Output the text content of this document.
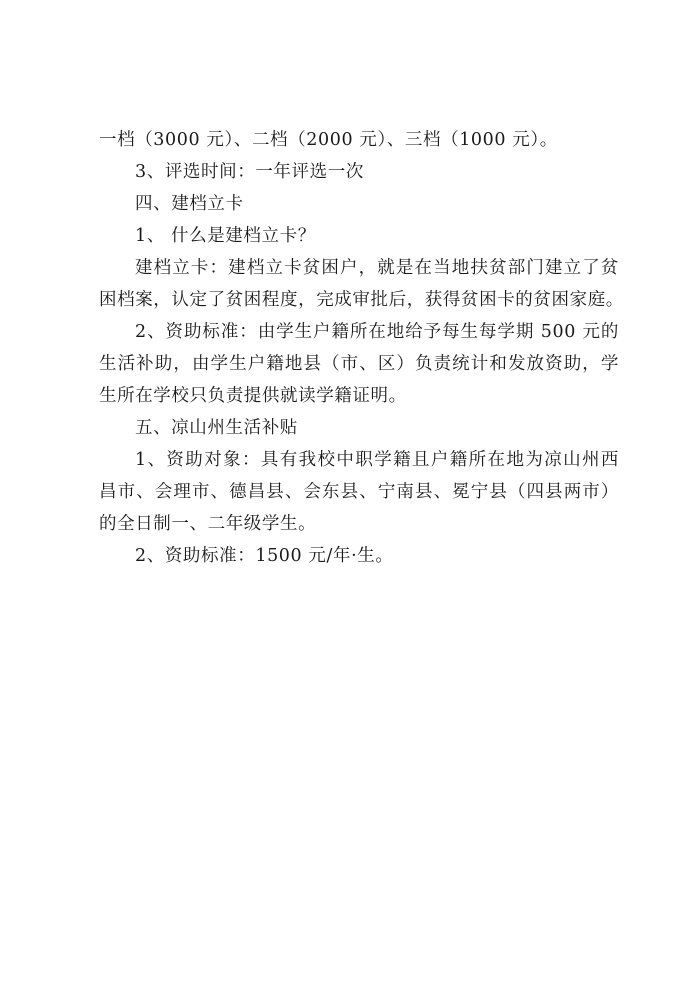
一档（3000 元）、二档（2000 元）、三档（1000 元）。

3、评选时间：一年评选一次

四、建档立卡

1、 什么是建档立卡？

建档立卡：建档立卡贫困户，就是在当地扶贫部门建立了贫
困档案，认定了贫困程度，完成审批后，获得贫困卡的贫困家庭。

2、资助标准：由学生户籍所在地给予每生每学期 500 元的
生活补助，由学生户籍地县（市、区）负责统计和发放资助，学
生所在学校只负责提供就读学籍证明。

五、凉山州生活补贴

1、资助对象：具有我校中职学籍且户籍所在地为凉山州西
昌市、会理市、德昌县、会东县、宁南县、冕宁县（四县两市）
的全日制一、二年级学生。

2、资助标准：1500 元/年·生。
